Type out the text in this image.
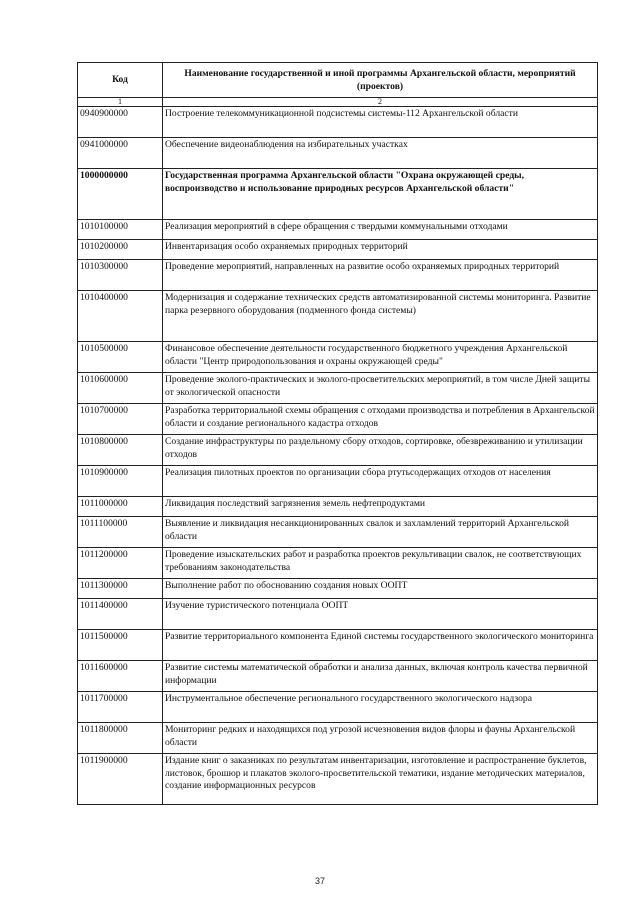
Код	Наименование государственной и иной программы Архангельской области, мероприятий (проектов)
1	2
0940900000	Построение телекоммуникационной подсистемы системы-112 Архангельской области
0941000000	Обеспечение видеонаблюдения на избирательных участках
1000000000	Государственная программа Архангельской области "Охрана окружающей среды, воспроизводство и использование природных ресурсов Архангельской области"
1010100000	Реализация мероприятий в сфере обращения с твердыми коммунальными отходами
1010200000	Инвентаризация особо охраняемых природных территорий
1010300000	Проведение мероприятий, направленных на развитие особо охраняемых природных территорий
1010400000	Модернизация и содержание технических средств автоматизированной системы мониторинга. Развитие парка резервного оборудования (подменного фонда системы)
1010500000	Финансовое обеспечение деятельности государственного бюджетного учреждения Архангельской области "Центр природопользования и охраны окружающей среды"
1010600000	Проведение эколого-практических и эколого-просветительских мероприятий, в том числе Дней защиты от экологической опасности
1010700000	Разработка территориальной схемы обращения с отходами производства и потребления в Архангельской области и создание регионального кадастра отходов
1010800000	Создание инфраструктуры по раздельному сбору отходов, сортировке, обезвреживанию и утилизации отходов
1010900000	Реализация пилотных проектов по организации сбора ртутьсодержащих отходов от населения
1011000000	Ликвидация последствий загрязнения земель нефтепродуктами
1011100000	Выявление и ликвидация несанкционированных свалок и захламлений территорий Архангельской области
1011200000	Проведение изыскательских работ и разработка проектов рекультивации свалок, не соответствующих требованиям законодательства
1011300000	Выполнение работ по обоснованию создания новых ООПТ
1011400000	Изучение туристического потенциала ООПТ
1011500000	Развитие территориального компонента Единой системы государственного экологического мониторинга
1011600000	Развитие системы математической обработки и анализа данных, включая контроль качества первичной информации
1011700000	Инструментальное обеспечение регионального государственного экологического надзора
1011800000	Мониторинг редких и находящихся под угрозой исчезновения видов флоры и фауны Архангельской области
1011900000	Издание книг о заказниках по результатам инвентаризации, изготовление и распространение буклетов, листовок, брошюр и плакатов эколого-просветительской тематики, издание методических материалов, создание информационных ресурсов
37
